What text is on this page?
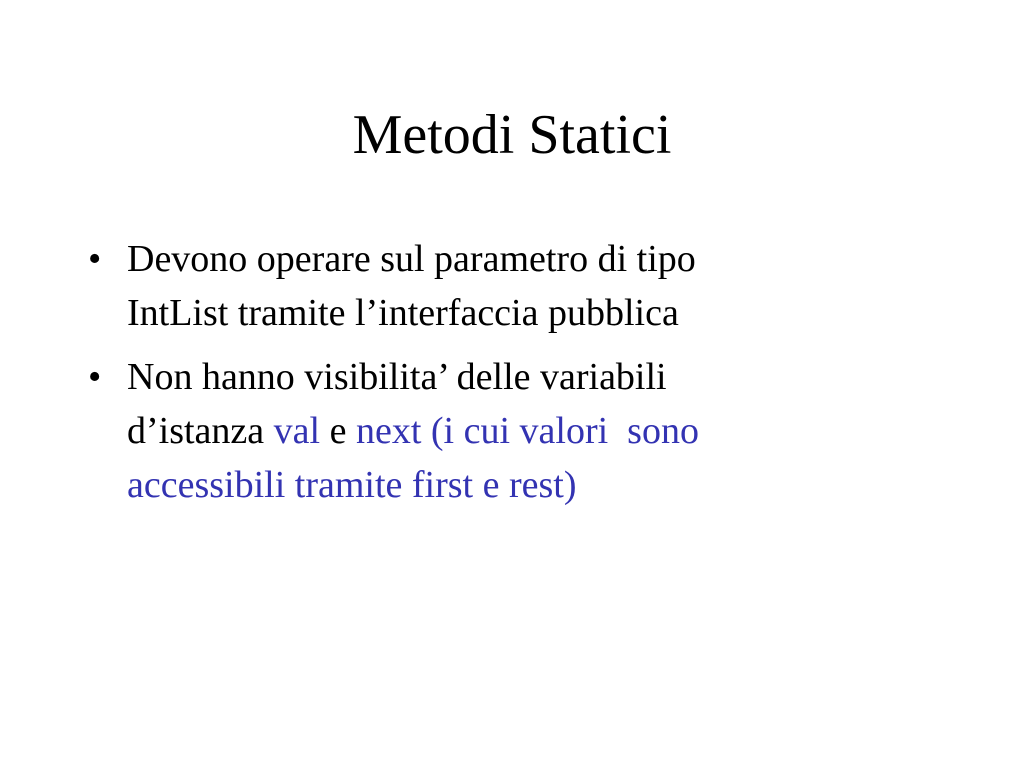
Metodi Statici
• Devono operare sul parametro di tipo
IntList tramite l’interfaccia pubblica
• Non hanno visibilita’ delle variabili
d’istanza val e next (i cui valori  sono
accessibili tramite first e rest)
